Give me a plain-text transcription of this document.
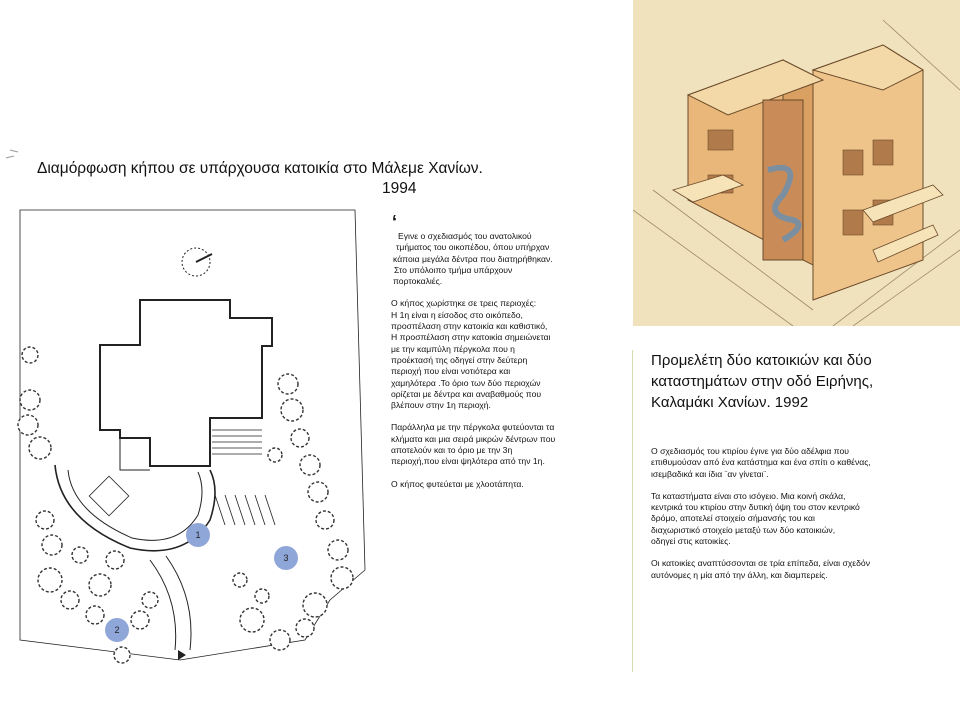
Διαμόρφωση κήπου σε υπάρχουσα κατοικία στο Μάλεμε Χανίων.
1994
‘

Εγινε ο σχεδιασμός του ανατολικού
τμήματος του οικοπέδου, όπου υπήρχαν
κάποια μεγάλα δέντρα που διατηρήθηκαν.
Στο υπόλοιπο τμήμα υπάρχουν
πορτοκαλιές.

Ο κήπος χωρίστηκε σε τρεις περιοχές:
Η 1η είναι η είσοδος στο οικόπεδο,
προσπέλαση στην κατοικία και καθιστικό,
Η προσπέλαση στην κατοικία σημειώνεται
με την καμπύλη πέργκολα που η
προέκτασή της οδηγεί στην δεύτερη
περιοχή που είναι νοτιότερα και
χαμηλότερα .Το όριο των δύο περιοχών
ορίζεται με δέντρα και αναβαθμούς που
βλέπουν στην 1η περιοχή.

Παράλληλα με την πέργκολα φυτεύονται τα
κλήματα και μια σειρά μικρών δέντρων που
αποτελούν και το όριο με την 3η
περιοχή,που είναι ψηλότερα από την 1η.

Ο κήπος φυτεύεται με χλοοτάπητα.

1
2
3
Προμελέτη δύο κατοικιών και δύο
καταστημάτων στην οδό Ειρήνης,
Καλαμάκι Χανίων. 1992

Ο σχεδιασμός του κτιρίου έγινε για δύο αδέλφια που
επιθυμούσαν από ένα κατάστημα και ένα σπίτι ο καθένας,
ισεμβαδικά και ίδια ¨αν γίνεται¨.

Τα καταστήματα είναι στο ισόγειο. Μια κοινή σκάλα,
κεντρικά του κτιρίου στην δυτική όψη του στον κεντρικό
δρόμο, αποτελεί στοιχείο σήμανσής του και
διαχωριστικό στοιχείο μεταξύ των δύο κατοικιών,
οδηγεί στις κατοικίες.

Οι κατοικίες αναπτύσσονται σε τρία επίπεδα, είναι σχεδόν
αυτόνομες η μία από την άλλη, και διαμπερείς.
